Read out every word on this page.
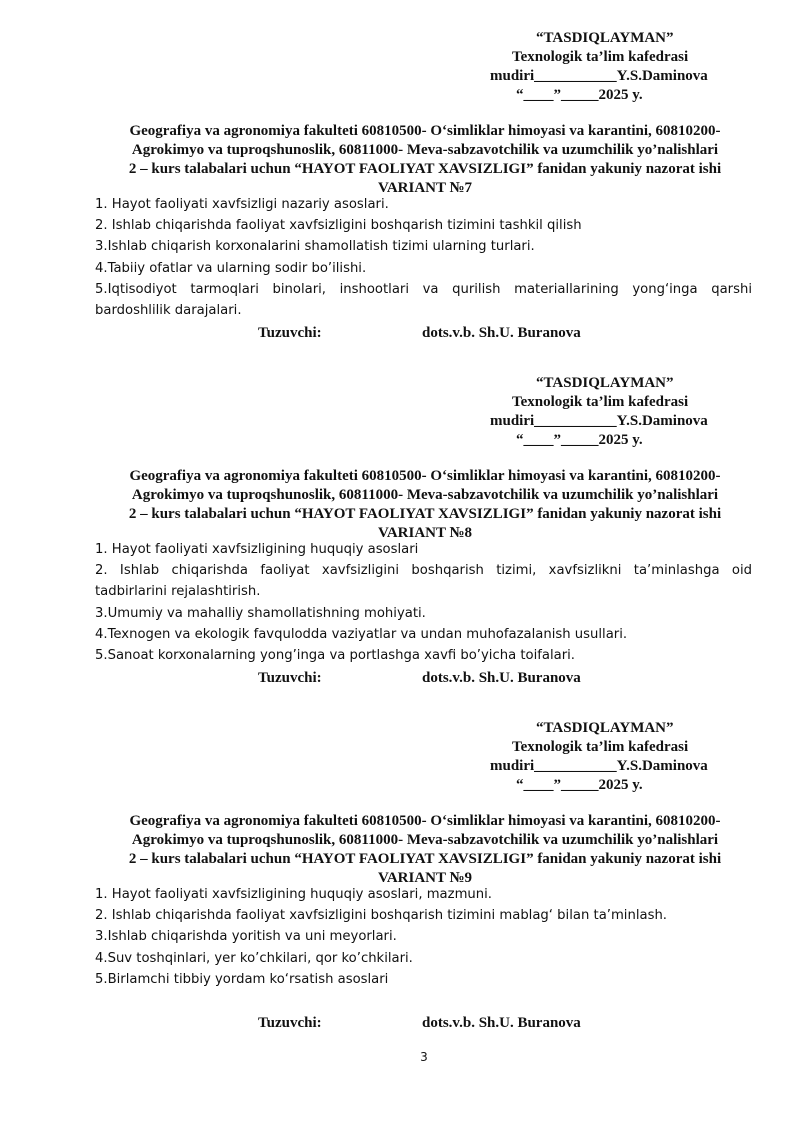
“TASDIQLAYMAN”
Texnologik ta’lim kafedrasi
mudiri___________Y.S.Daminova
“____”_____2025 y.
Geografiya va agronomiya fakulteti 60810500- O‘simliklar himoyasi va karantini, 60810200-
Agrokimyo va tuproqshunoslik, 60811000- Meva-sabzavotchilik va uzumchilik yo’nalishlari
2 – kurs talabalari uchun “HAYOT FAOLIYAT XAVSIZLIGI” fanidan yakuniy nazorat ishi
VARIANT №7
1. Hayot faoliyati xavfsizligi nazariy asoslari.
2. Ishlab chiqarishda faoliyat xavfsizligini boshqarish tizimini tashkil qilish
3.Ishlab chiqarish korxonalarini shamollatish tizimi ularning turlari.
4.Tabiiy ofatlar va ularning sodir bo’ilishi.
5.Iqtisodiyot tarmoqlari binolari, inshootlari va qurilish materiallarining yong‘inga qarshi bardoshlilik darajalari.
Tuzuvchi:	dots.v.b. Sh.U. Buranova
“TASDIQLAYMAN”
Texnologik ta’lim kafedrasi
mudiri___________Y.S.Daminova
“____”_____2025 y.
Geografiya va agronomiya fakulteti 60810500- O‘simliklar himoyasi va karantini, 60810200-
Agrokimyo va tuproqshunoslik, 60811000- Meva-sabzavotchilik va uzumchilik yo’nalishlari
2 – kurs talabalari uchun “HAYOT FAOLIYAT XAVSIZLIGI” fanidan yakuniy nazorat ishi
VARIANT №8
1. Hayot faoliyati xavfsizligining huquqiy asoslari
2. Ishlab chiqarishda faoliyat xavfsizligini boshqarish tizimi, xavfsizlikni ta’minlashga oid tadbirlarini rejalashtirish.
3.Umumiy va mahalliy shamollatishning mohiyati.
4.Texnogen va ekologik favqulodda vaziyatlar va undan muhofazalanish usullari.
5.Sanoat korxonalarning yong’inga va portlashga xavfi bo’yicha toifalari.
Tuzuvchi:	dots.v.b. Sh.U. Buranova
“TASDIQLAYMAN”
Texnologik ta’lim kafedrasi
mudiri___________Y.S.Daminova
“____”_____2025 y.
Geografiya va agronomiya fakulteti 60810500- O‘simliklar himoyasi va karantini, 60810200-
Agrokimyo va tuproqshunoslik, 60811000- Meva-sabzavotchilik va uzumchilik yo’nalishlari
2 – kurs talabalari uchun “HAYOT FAOLIYAT XAVSIZLIGI” fanidan yakuniy nazorat ishi
VARIANT №9
1. Hayot faoliyati xavfsizligining huquqiy asoslari, mazmuni.
2. Ishlab chiqarishda faoliyat xavfsizligini boshqarish tizimini mablag‘ bilan ta’minlash.
3.Ishlab chiqarishda yoritish va uni meyorlari.
4.Suv toshqinlari, yer ko’chkilari, qor ko’chkilari.
5.Birlamchi tibbiy yordam ko‘rsatish asoslari
Tuzuvchi:	dots.v.b. Sh.U. Buranova
3
